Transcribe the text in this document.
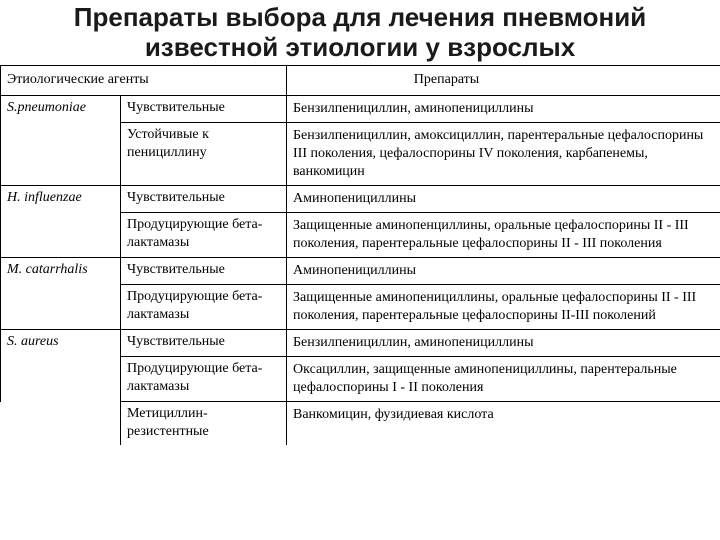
Препараты выбора для лечения пневмоний
известной этиологии у взрослых
Этиологические агенты		Препараты
S.pneumoniae	Чувствительные	Бензилпенициллин, аминопенициллины
	Устойчивые к пенициллину	Бензилпенициллин, амоксициллин, парентеральные цефалоспорины III поколения, цефалоспорины IV поколения, карбапенемы, ванкомицин
H. influenzae	Чувствительные	Аминопенициллины
	Продуцирующие бета-лактамазы	Защищенные аминопенциллины, оральные цефалоспорины II - III поколения, парентеральные цефалоспорины II - III поколения
M. catarrhalis	Чувствительные	Аминопенициллины
	Продуцирующие бета-лактамазы	Защищенные аминопенициллины, оральные цефалоспорины II - III поколения, парентеральные цефалоспорины II-III поколений
S. aureus	Чувствительные	Бензилпенициллин, аминопенициллины
	Продуцирующие бета-лактамазы	Оксациллин, защищенные аминопенициллины, парентеральные цефалоспорины I - II поколения
	Метициллин-резистентные	Ванкомицин, фузидиевая кислота
